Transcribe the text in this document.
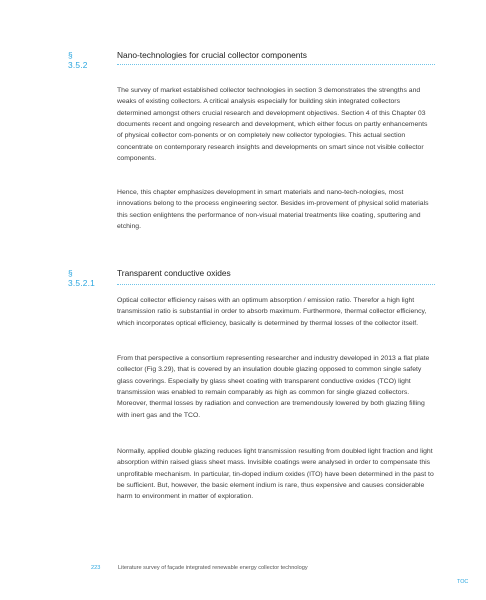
§ 3.5.2
Nano-technologies for crucial collector components
The survey of market established collector technologies in section 3 demonstrates the strengths and weaks of existing collectors. A critical analysis especially for building skin integrated collectors determined amongst others crucial research and development objectives. Section 4 of this Chapter 03 documents recent and ongoing research and development, which either focus on partly enhancements of physical collector com-ponents or on completely new collector typologies. This actual section concentrate on contemporary research insights and developments on smart since not visible collector components.
Hence, this chapter emphasizes development in smart materials and nano-tech-nologies, most innovations belong to the process engineering sector. Besides im-provement of physical solid materials this section enlightens the performance of non-visual material treatments like coating, sputtering and etching.
§ 3.5.2.1
Transparent conductive oxides
Optical collector efficiency raises with an optimum absorption / emission ratio. Therefor a high light transmission ratio is substantial in order to absorb maximum. Furthermore, thermal collector efficiency, which incorporates optical efficiency, basically is determined by thermal losses of the collector itself.
From that perspective a consortium representing researcher and industry developed in 2013 a flat plate collector (Fig 3.29), that is covered by an insulation double glazing opposed to common single safety glass coverings. Especially by glass sheet coating with transparent conductive oxides (TCO) light transmission was enabled to remain comparably as high as common for single glazed collectors. Moreover, thermal losses by radiation and convection are tremendously lowered by both glazing filling with inert gas and the TCO.
Normally, applied double glazing reduces light transmission resulting from doubled light fraction and light absorption within raised glass sheet mass. Invisible coatings were analysed in order to compensate this unprofitable mechanism. In particular, tin-doped indium oxides (ITO) have been determined in the past to be sufficient. But, however, the basic element indium is rare, thus expensive and causes considerable harm to environment in matter of exploration.
223	Literature survey of façade integrated renewable energy collector technology
TOC
